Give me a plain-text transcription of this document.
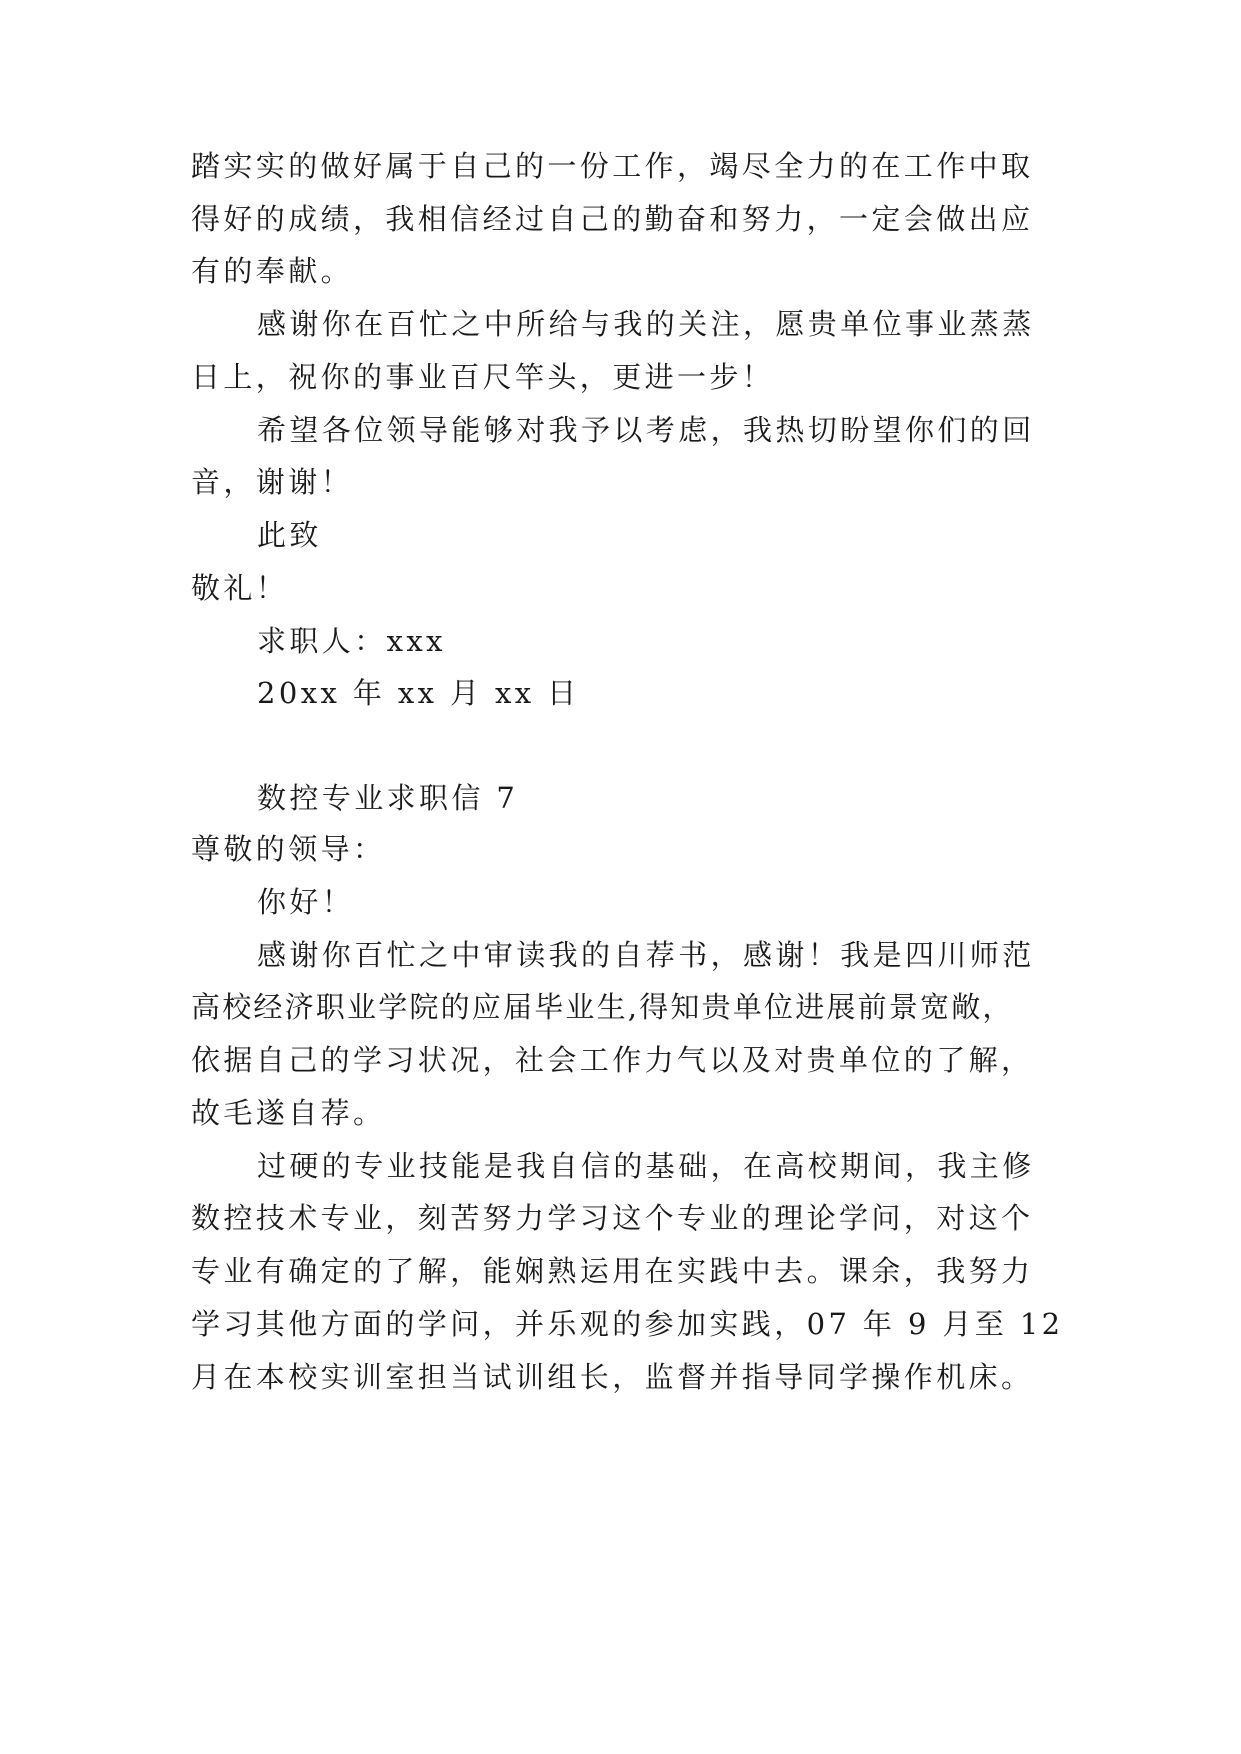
踏实实的做好属于自己的一份工作，竭尽全力的在工作中取
得好的成绩，我相信经过自己的勤奋和努力，一定会做出应
有的奉献。
感谢你在百忙之中所给与我的关注，愿贵单位事业蒸蒸
日上，祝你的事业百尺竿头，更进一步！
希望各位领导能够对我予以考虑，我热切盼望你们的回
音，谢谢！
此致
敬礼！
求职人：xxx
20xx 年 xx 月 xx 日
数控专业求职信 7
尊敬的领导：
你好！
感谢你百忙之中审读我的自荐书，感谢！我是四川师范
高校经济职业学院的应届毕业生,得知贵单位进展前景宽敞，
依据自己的学习状况，社会工作力气以及对贵单位的了解，
故毛遂自荐。
过硬的专业技能是我自信的基础，在高校期间，我主修
数控技术专业，刻苦努力学习这个专业的理论学问，对这个
专业有确定的了解，能娴熟运用在实践中去。课余，我努力
学习其他方面的学问，并乐观的参加实践，07 年 9 月至 12
月在本校实训室担当试训组长，监督并指导同学操作机床。
